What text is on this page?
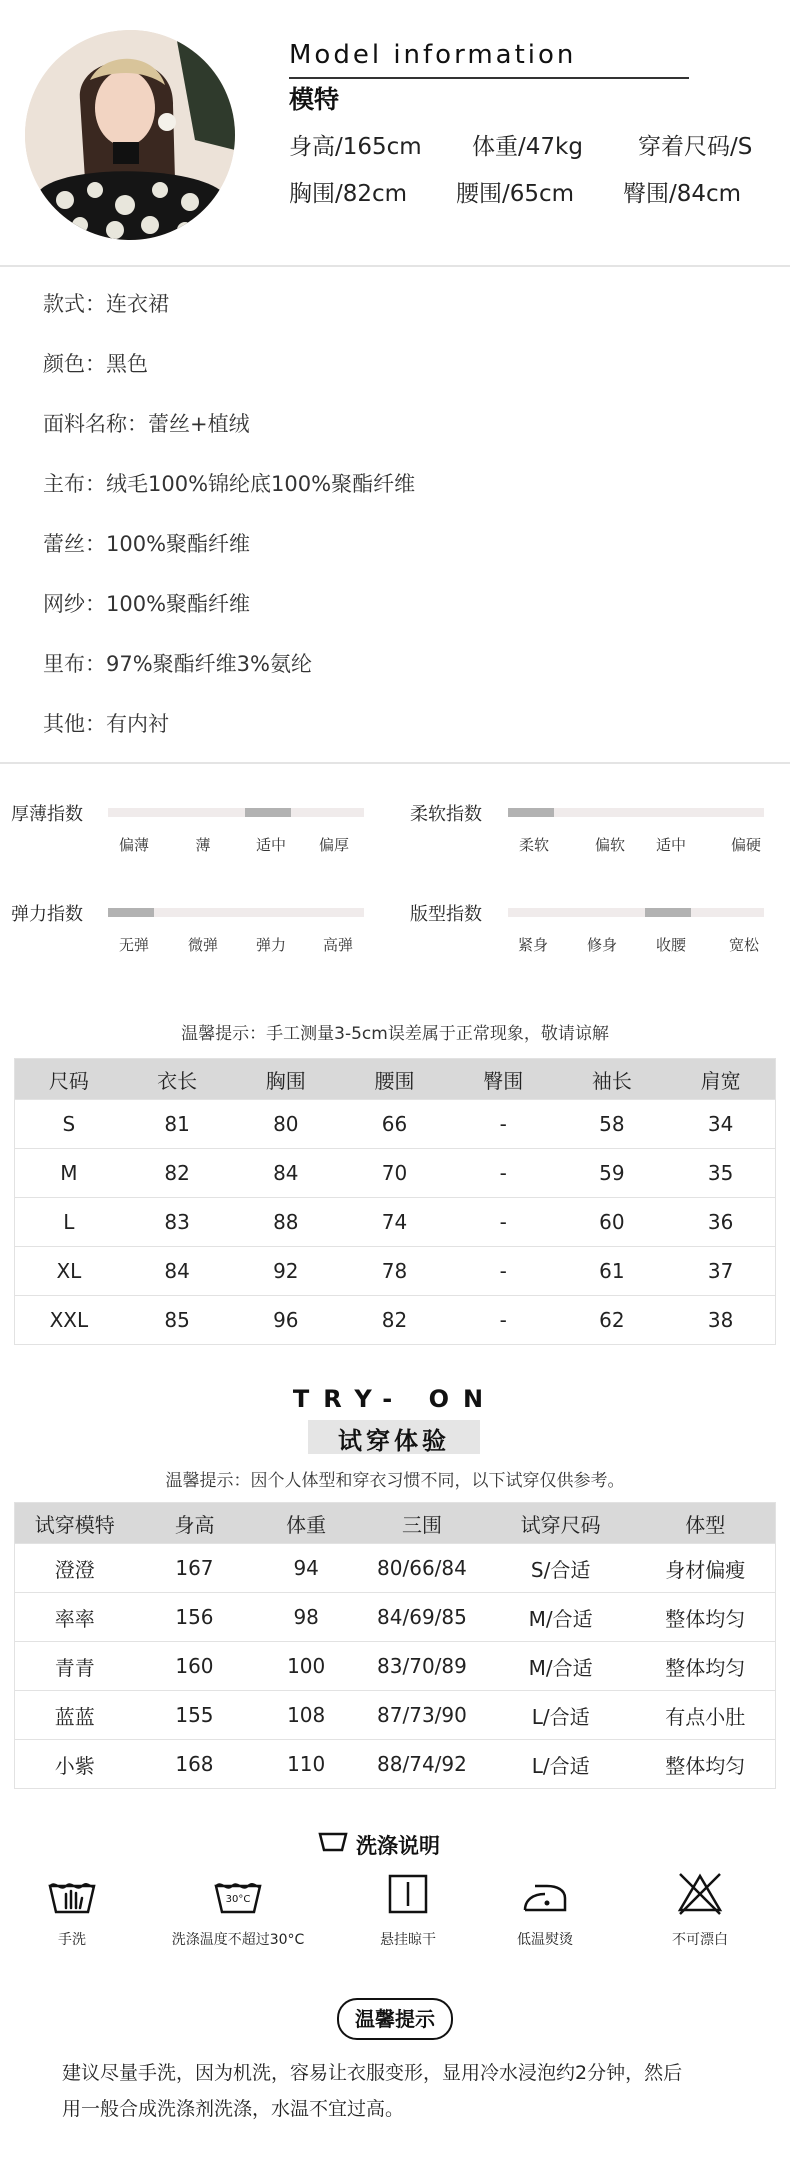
Model information
模特
身高/165cm 体重/47kg 穿着尺码/S
胸围/82cm 腰围/65cm 臀围/84cm
款式：连衣裙
颜色：黑色
面料名称：蕾丝+植绒
主布：绒毛100%锦纶底100%聚酯纤维
蕾丝：100%聚酯纤维
网纱：100%聚酯纤维
里布：97%聚酯纤维3%氨纶
其他：有内衬
厚薄指数
偏薄	薄	适中	偏厚
柔软指数
柔软	偏软	适中	偏硬
弹力指数
无弹	微弹	弹力	高弹
版型指数
紧身	修身	收腰	宽松
温馨提示：手工测量3-5cm误差属于正常现象，敬请谅解
尺码	衣长	胸围	腰围	臀围	袖长	肩宽
S	81	80	66	-	58	34
M	82	84	70	-	59	35
L	83	88	74	-	60	36
XL	84	92	78	-	61	37
XXL	85	96	82	-	62	38
TRY- ON
试穿体验
温馨提示：因个人体型和穿衣习惯不同，以下试穿仅供参考。
试穿模特	身高	体重	三围	试穿尺码	体型
澄澄	167	94	80/66/84	S/合适	身材偏瘦
率率	156	98	84/69/85	M/合适	整体均匀
青青	160	100	83/70/89	M/合适	整体均匀
蓝蓝	155	108	87/73/90	L/合适	有点小肚
小紫	168	110	88/74/92	L/合适	整体均匀
洗涤说明
手洗
30°C
洗涤温度不超过30°C	悬挂晾干	低温熨烫	不可漂白
温馨提示
建议尽量手洗，因为机洗，容易让衣服变形，显用冷水浸泡约2分钟，然后
用一般合成洗涤剂洗涤，水温不宜过高。
